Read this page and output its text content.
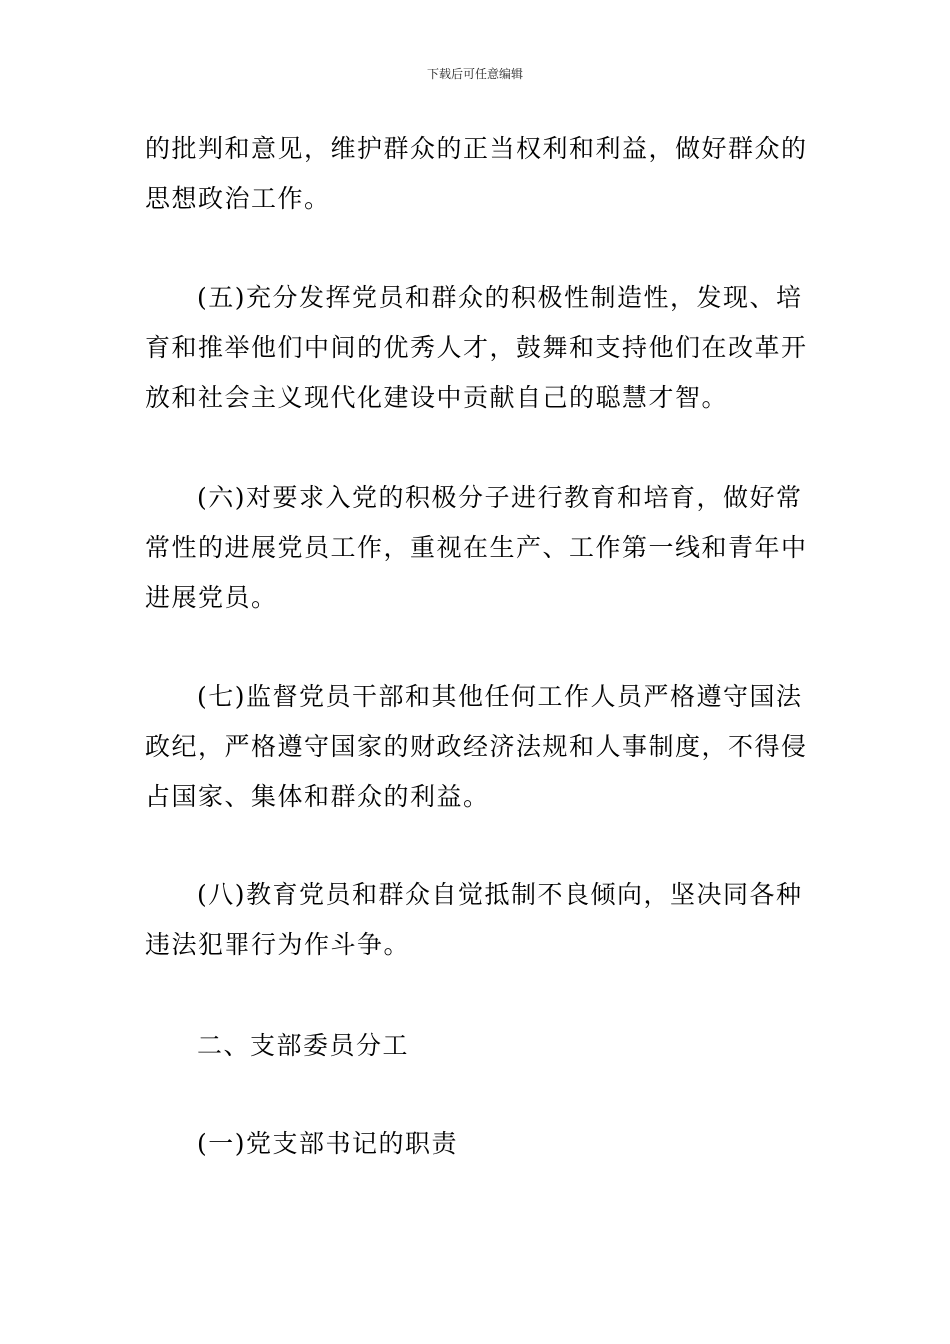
下载后可任意编辑
的批判和意见，维护群众的正当权利和利益，做好群众的
思想政治工作。
(五)充分发挥党员和群众的积极性制造性，发现、培
育和推举他们中间的优秀人才，鼓舞和支持他们在改革开
放和社会主义现代化建设中贡献自己的聪慧才智。
(六)对要求入党的积极分子进行教育和培育，做好常
常性的进展党员工作，重视在生产、工作第一线和青年中
进展党员。
(七)监督党员干部和其他任何工作人员严格遵守国法
政纪，严格遵守国家的财政经济法规和人事制度，不得侵
占国家、集体和群众的利益。
(八)教育党员和群众自觉抵制不良倾向，坚决同各种
违法犯罪行为作斗争。
二、支部委员分工
(一)党支部书记的职责
